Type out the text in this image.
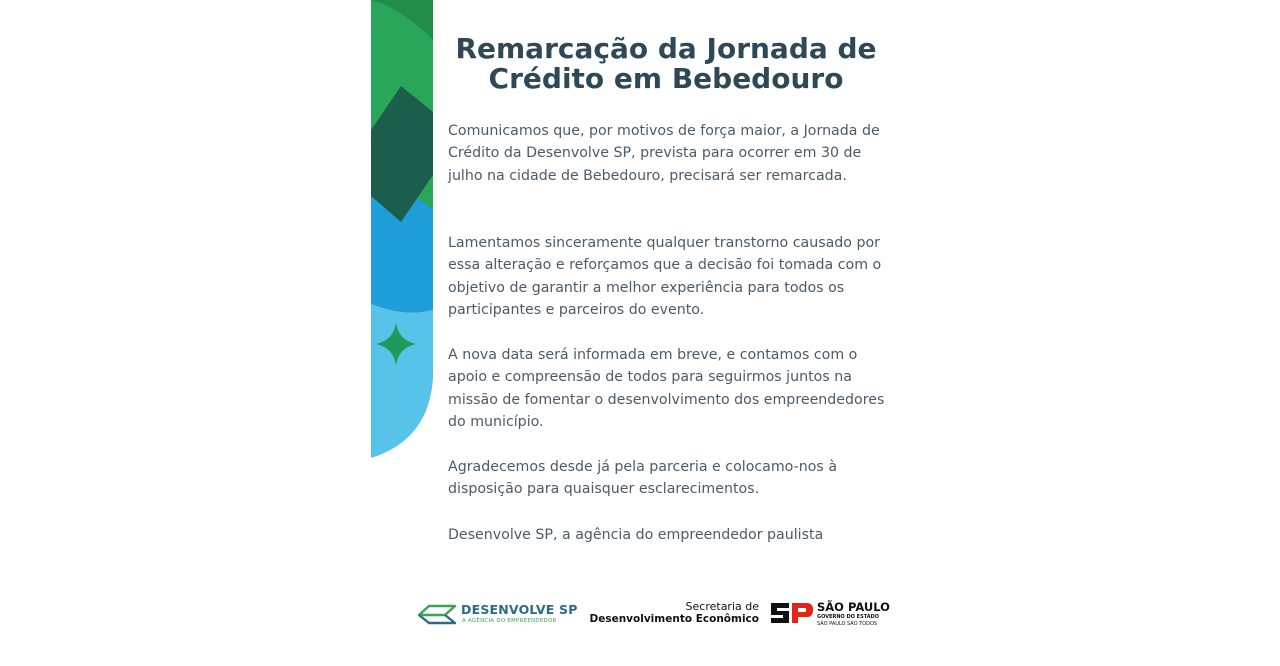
Remarcação da Jornada de
Crédito em Bebedouro

Comunicamos que, por motivos de força maior, a Jornada de Crédito da Desenvolve SP, prevista para ocorrer em 30 de julho na cidade de Bebedouro, precisará ser remarcada.

Lamentamos sinceramente qualquer transtorno causado por essa alteração e reforçamos que a decisão foi tomada com o objetivo de garantir a melhor experiência para todos os participantes e parceiros do evento.

A nova data será informada em breve, e contamos com o apoio e compreensão de todos para seguirmos juntos na missão de fomentar o desenvolvimento dos empreendedores do município.

Agradecemos desde já pela parceria e colocamo-nos à disposição para quaisquer esclarecimentos.

Desenvolve SP, a agência do empreendedor paulista

DESENVOLVE SP
A AGÊNCIA DO EMPREENDEDOR
Secretaria de
Desenvolvimento Econômico
SÃO PAULO
GOVERNO DO ESTADO
SÃO PAULO SÃO TODOS
